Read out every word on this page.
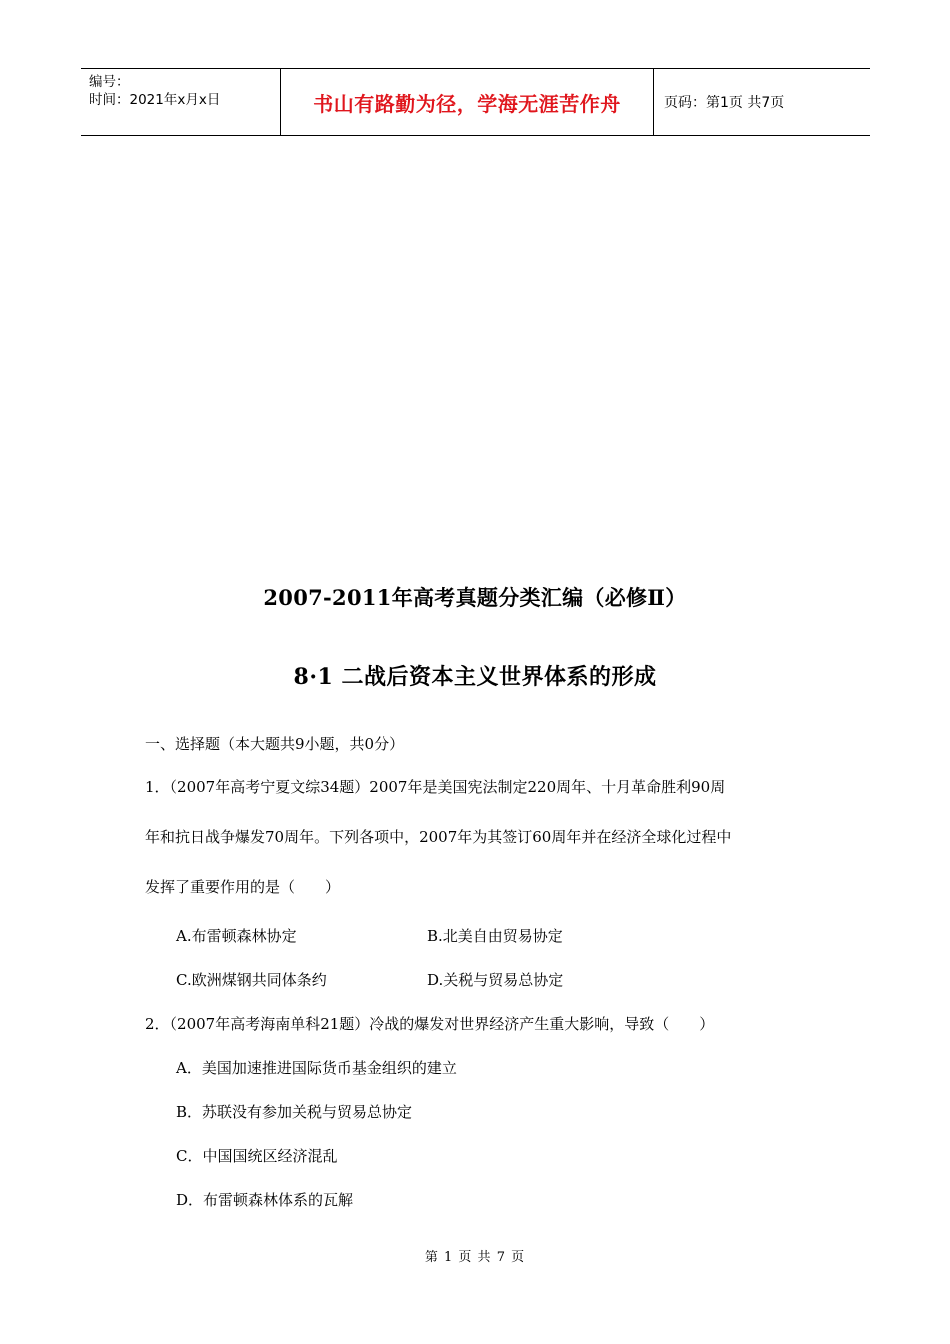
编号：
时间：2021年x月x日	书山有路勤为径，学海无涯苦作舟	页码：第1页 共7页
2007-2011年高考真题分类汇编（必修Ⅱ）
8·1 二战后资本主义世界体系的形成
一、选择题（本大题共9小题，共0分）
1．（2007年高考宁夏文综34题）2007年是美国宪法制定220周年、十月革命胜利90周
年和抗日战争爆发70周年。下列各项中，2007年为其签订60周年并在经济全球化过程中
发挥了重要作用的是（　　）
A.布雷顿森林协定	B.北美自由贸易协定
C.欧洲煤钢共同体条约	D.关税与贸易总协定
2．（2007年高考海南单科21题）冷战的爆发对世界经济产生重大影响，导致（　　）
A．美国加速推进国际货币基金组织的建立
B．苏联没有参加关税与贸易总协定
C．中国国统区经济混乱
D．布雷顿森林体系的瓦解
第 1 页 共 7 页
